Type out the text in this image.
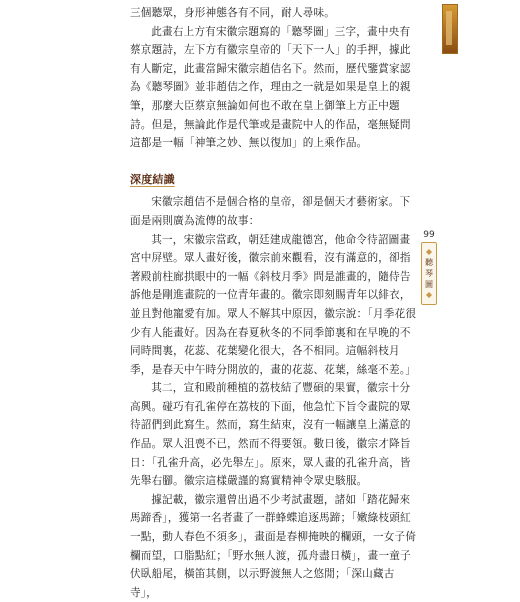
三個聽眾，身形神態各有不同，耐人尋味。

此畫右上方有宋徽宗題寫的「聽琴圖」三字，畫中央有蔡京題詩，左下方有徽宗皇帝的「天下一人」的手押，據此有人斷定，此畫當歸宋徽宗趙佶名下。然而，歷代鑒賞家認為《聽琴圖》並非趙佶之作，理由之一就是如果是皇上的親筆，那麼大臣蔡京無論如何也不敢在皇上御筆上方正中題詩。但是，無論此作是代筆或是畫院中人的作品，毫無疑問這都是一幅「神筆之妙、無以復加」的上乘作品。

深度結識

宋徽宗趙佶不是個合格的皇帝，卻是個天才藝術家。下面是兩則廣為流傳的故事：

其一，宋徽宗當政，朝廷建成龍德宮，他命令待詔圖畫宮中屏壁。眾人畫好後，徽宗前來觀看，沒有滿意的，卻指著殿前柱廊拱眼中的一幅《斜枝月季》問是誰畫的，隨侍告訴他是剛進畫院的一位青年畫的。徽宗即刻賜青年以緋衣，並且對他寵愛有加。眾人不解其中原因，徽宗說：「月季花很少有人能畫好。因為在春夏秋冬的不同季節裏和在早晚的不同時間裏，花蕊、花葉變化很大，各不相同。這幅斜枝月季，是春天中午時分開放的，畫的花蕊、花葉，絲毫不差。」

其二，宣和殿前種植的荔枝結了豐碩的果實，徽宗十分高興。碰巧有孔雀停在荔枝的下面，他急忙下旨令畫院的眾待詔們到此寫生。然而，寫生結束，沒有一幅讓皇上滿意的作品。眾人沮喪不已，然而不得要領。數日後，徽宗才降旨日：「孔雀升高，必先舉左」。原來，眾人畫的孔雀升高，皆先舉右腳。徽宗這樣嚴謹的寫實精神令眾史駭服。

據記載，徽宗還曾出過不少考試畫題，諸如「踏花歸來馬蹄香」，獲第一名者畫了一群蜂蝶追逐馬蹄；「嫩綠枝頭紅一點，動人春色不須多」，畫面是春柳掩映的欄頭，一女子倚欄而望，口脂點紅；「野水無人渡，孤舟盡日橫」，畫一童子伏臥船尾，橫笛其側，以示野渡無人之悠閒；「深山藏古寺」，

99
聽
琴
圖
